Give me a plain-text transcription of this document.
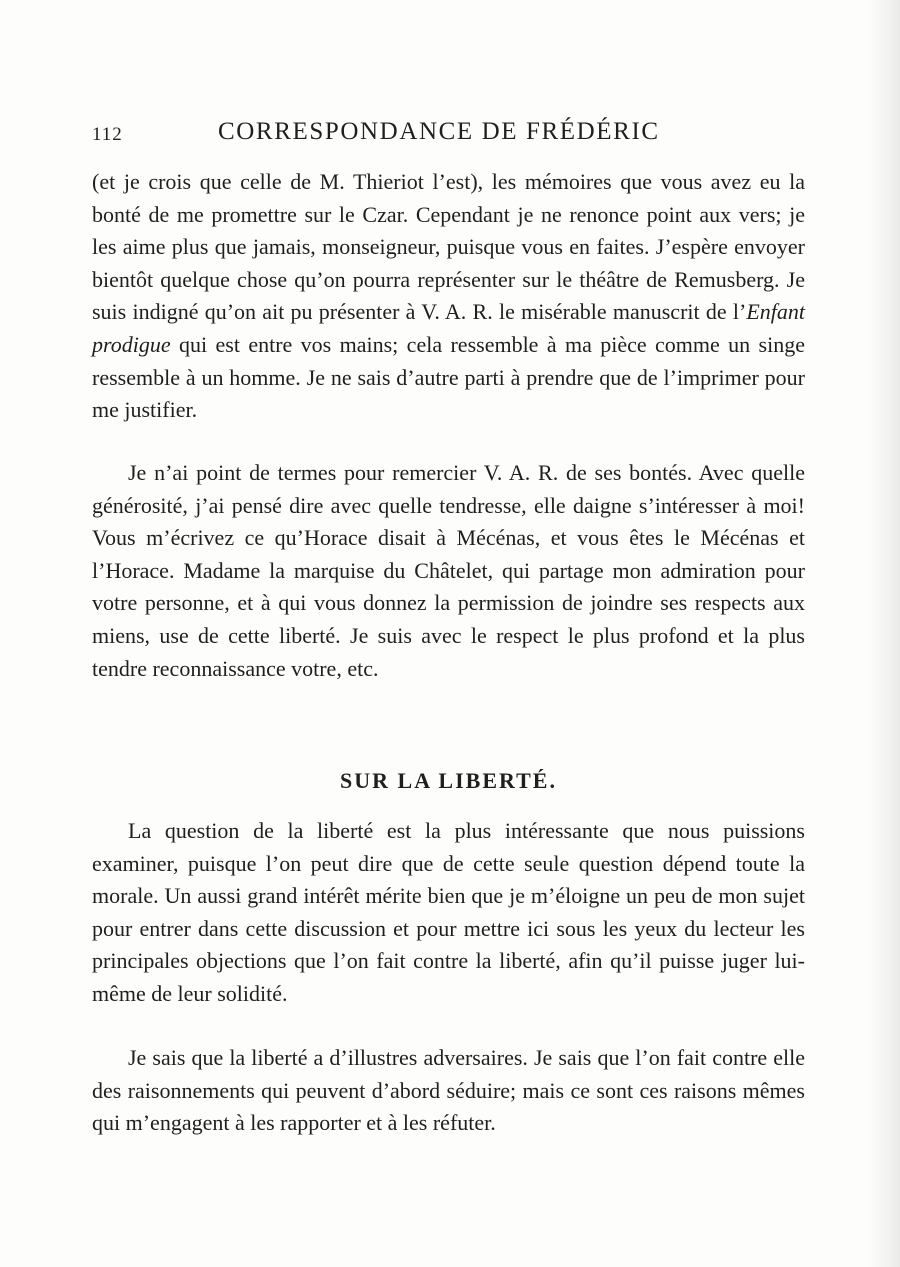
112	CORRESPONDANCE DE FRÉDÉRIC

(et je crois que celle de M. Thieriot l’est), les mémoires que vous avez eu la bonté de me promettre sur le Czar. Cependant je ne renonce point aux vers; je les aime plus que jamais, monseigneur, puisque vous en faites. J’espère envoyer bientôt quelque chose qu’on pourra représenter sur le théâtre de Remusberg. Je suis indigné qu’on ait pu présenter à V. A. R. le misérable manuscrit de l’Enfant prodigue qui est entre vos mains; cela ressemble à ma pièce comme un singe ressemble à un homme. Je ne sais d’autre parti à prendre que de l’imprimer pour me justifier.

Je n’ai point de termes pour remercier V. A. R. de ses bontés. Avec quelle générosité, j’ai pensé dire avec quelle tendresse, elle daigne s’intéresser à moi! Vous m’écrivez ce qu’Horace disait à Mécénas, et vous êtes le Mécénas et l’Horace. Madame la marquise du Châtelet, qui partage mon admiration pour votre personne, et à qui vous donnez la permission de joindre ses respects aux miens, use de cette liberté. Je suis avec le respect le plus profond et la plus tendre reconnaissance votre, etc.

SUR LA LIBERTÉ.

La question de la liberté est la plus intéressante que nous puissions examiner, puisque l’on peut dire que de cette seule question dépend toute la morale. Un aussi grand intérêt mérite bien que je m’éloigne un peu de mon sujet pour entrer dans cette discussion et pour mettre ici sous les yeux du lecteur les principales objections que l’on fait contre la liberté, afin qu’il puisse juger lui-même de leur solidité.

Je sais que la liberté a d’illustres adversaires. Je sais que l’on fait contre elle des raisonnements qui peuvent d’abord séduire; mais ce sont ces raisons mêmes qui m’engagent à les rapporter et à les réfuter.
